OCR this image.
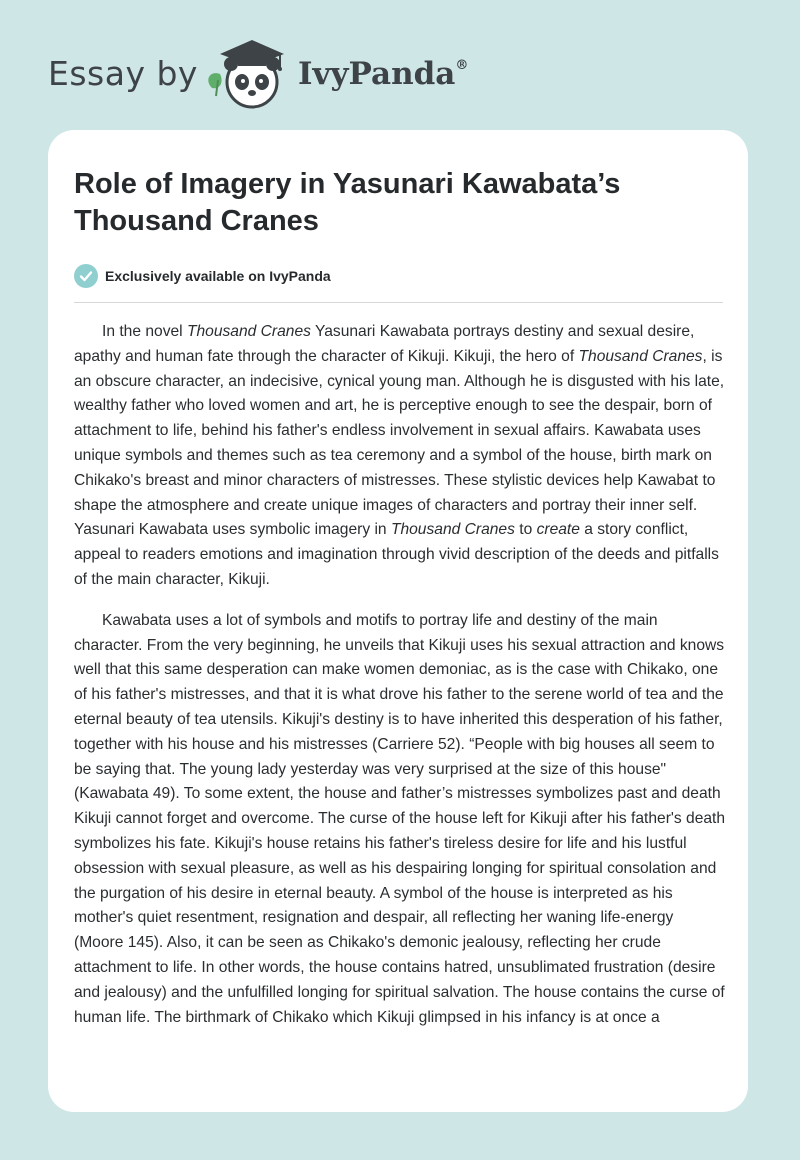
Essay by	IvyPanda®
Role of Imagery in Yasunari Kawabata’s Thousand Cranes
Exclusively available on IvyPanda

In the novel Thousand Cranes Yasunari Kawabata portrays destiny and sexual desire, apathy and human fate through the character of Kikuji. Kikuji, the hero of Thousand Cranes, is an obscure character, an indecisive, cynical young man. Although he is disgusted with his late, wealthy father who loved women and art, he is perceptive enough to see the despair, born of attachment to life, behind his father's endless involvement in sexual affairs. Kawabata uses unique symbols and themes such as tea ceremony and a symbol of the house, birth mark on Chikako's breast and minor characters of mistresses. These stylistic devices help Kawabat to shape the atmosphere and create unique images of characters and portray their inner self. Yasunari Kawabata uses symbolic imagery in Thousand Cranes to create a story conflict, appeal to readers emotions and imagination through vivid description of the deeds and pitfalls of the main character, Kikuji.

Kawabata uses a lot of symbols and motifs to portray life and destiny of the main character. From the very beginning, he unveils that Kikuji uses his sexual attraction and knows well that this same desperation can make women demoniac, as is the case with Chikako, one of his father's mistresses, and that it is what drove his father to the serene world of tea and the eternal beauty of tea utensils. Kikuji's destiny is to have inherited this desperation of his father, together with his house and his mistresses (Carriere 52). “People with big houses all seem to be saying that. The young lady yesterday was very surprised at the size of this house" (Kawabata 49). To some extent, the house and father’s mistresses symbolizes past and death Kikuji cannot forget and overcome. The curse of the house left for Kikuji after his father's death symbolizes his fate. Kikuji's house retains his father's tireless desire for life and his lustful obsession with sexual pleasure, as well as his despairing longing for spiritual consolation and the purgation of his desire in eternal beauty. A symbol of the house is interpreted as his mother's quiet resentment, resignation and despair, all reflecting her waning life-energy (Moore 145). Also, it can be seen as Chikako's demonic jealousy, reflecting her crude attachment to life. In other words, the house contains hatred, unsublimated frustration (desire and jealousy) and the unfulfilled longing for spiritual salvation. The house contains the curse of human life. The birthmark of Chikako which Kikuji glimpsed in his infancy is at once a
